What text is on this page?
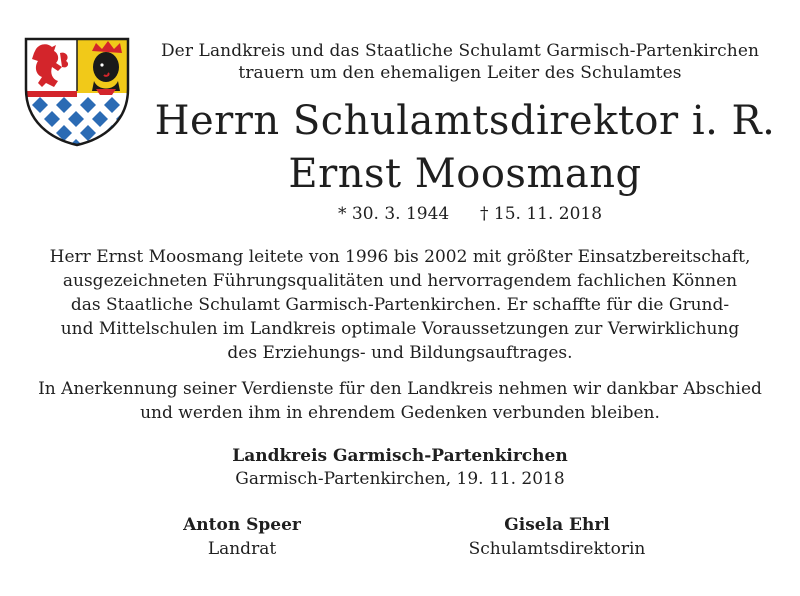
Der Landkreis und das Staatliche Schulamt Garmisch-Partenkirchen
trauern um den ehemaligen Leiter des Schulamtes
Herrn Schulamtsdirektor i. R.
Ernst Moosmang
* 30. 3. 1944 † 15. 11. 2018
Herr Ernst Moosmang leitete von 1996 bis 2002 mit größter Einsatzbereitschaft,
ausgezeichneten Führungsqualitäten und hervorragendem fachlichen Können
das Staatliche Schulamt Garmisch-Partenkirchen. Er schaffte für die Grund-
und Mittelschulen im Landkreis optimale Voraussetzungen zur Verwirklichung
des Erziehungs- und Bildungsauftrages.
In Anerkennung seiner Verdienste für den Landkreis nehmen wir dankbar Abschied
und werden ihm in ehrendem Gedenken verbunden bleiben.
Landkreis Garmisch-Partenkirchen
Garmisch-Partenkirchen, 19. 11. 2018
Anton Speer
Landrat
Gisela Ehrl
Schulamtsdirektorin
